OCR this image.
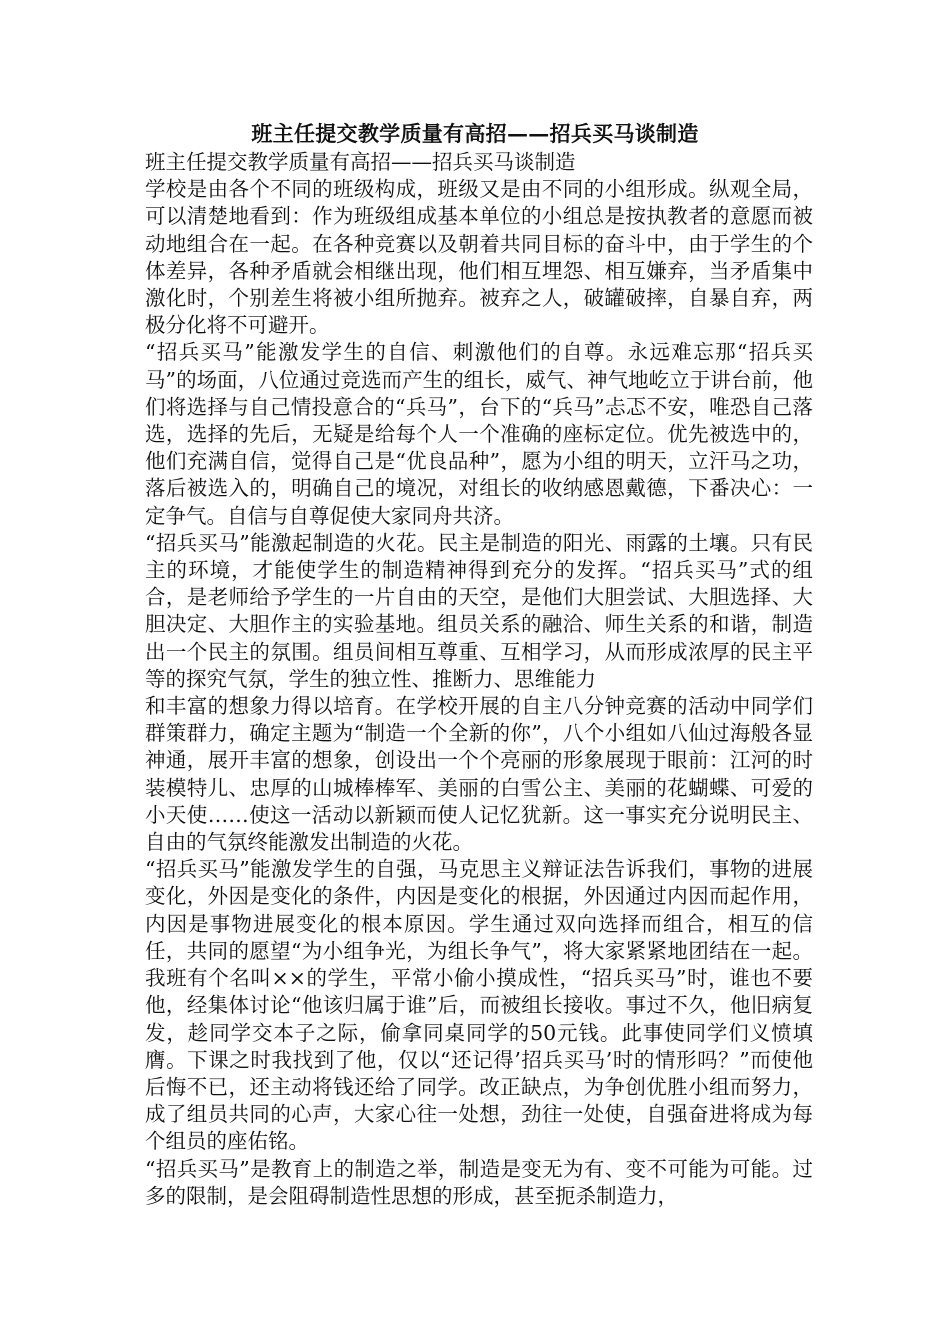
班主任提交教学质量有高招——招兵买马谈制造

班主任提交教学质量有高招——招兵买马谈制造

学校是由各个不同的班级构成，班级又是由不同的小组形成。纵观全局，可以清楚地看到：作为班级组成基本单位的小组总是按执教者的意愿而被动地组合在一起。在各种竞赛以及朝着共同目标的奋斗中，由于学生的个体差异，各种矛盾就会相继出现，他们相互埋怨、相互嫌弃，当矛盾集中激化时，个别差生将被小组所抛弃。被弃之人，破罐破摔，自暴自弃，两极分化将不可避开。

“招兵买马”能激发学生的自信、刺激他们的自尊。永远难忘那“招兵买马”的场面，八位通过竞选而产生的组长，威气、神气地屹立于讲台前，他们将选择与自己情投意合的“兵马”，台下的“兵马”忐忑不安，唯恐自己落选，选择的先后，无疑是给每个人一个准确的座标定位。优先被选中的，他们充满自信，觉得自己是“优良品种”，愿为小组的明天，立汗马之功，落后被选入的，明确自己的境况，对组长的收纳感恩戴德，下番决心：一定争气。自信与自尊促使大家同舟共济。

“招兵买马”能激起制造的火花。民主是制造的阳光、雨露的土壤。只有民主的环境，才能使学生的制造精神得到充分的发挥。“招兵买马”式的组合，是老师给予学生的一片自由的天空，是他们大胆尝试、大胆选择、大胆决定、大胆作主的实验基地。组员关系的融洽、师生关系的和谐，制造出一个民主的氛围。组员间相互尊重、互相学习，从而形成浓厚的民主平等的探究气氛，学生的独立性、推断力、思维能力

和丰富的想象力得以培育。在学校开展的自主八分钟竞赛的活动中同学们群策群力，确定主题为“制造一个全新的你”，八个小组如八仙过海般各显神通，展开丰富的想象，创设出一个个亮丽的形象展现于眼前：江河的时装模特儿、忠厚的山城棒棒军、美丽的白雪公主、美丽的花蝴蝶、可爱的小天使……使这一活动以新颖而使人记忆犹新。这一事实充分说明民主、自由的气氛终能激发出制造的火花。

“招兵买马”能激发学生的自强，马克思主义辩证法告诉我们，事物的进展变化，外因是变化的条件，内因是变化的根据，外因通过内因而起作用，内因是事物进展变化的根本原因。学生通过双向选择而组合，相互的信任，共同的愿望“为小组争光，为组长争气”，将大家紧紧地团结在一起。我班有个名叫××的学生，平常小偷小摸成性，“招兵买马”时，谁也不要他，经集体讨论“他该归属于谁”后，而被组长接收。事过不久，他旧病复发，趁同学交本子之际，偷拿同桌同学的50元钱。此事使同学们义愤填膺。下课之时我找到了他，仅以“还记得’招兵买马’时的情形吗？”而使他后悔不已，还主动将钱还给了同学。改正缺点，为争创优胜小组而努力，成了组员共同的心声，大家心往一处想，劲往一处使，自强奋进将成为每个组员的座佑铭。

“招兵买马”是教育上的制造之举，制造是变无为有、变不可能为可能。过多的限制，是会阻碍制造性思想的形成，甚至扼杀制造力，
